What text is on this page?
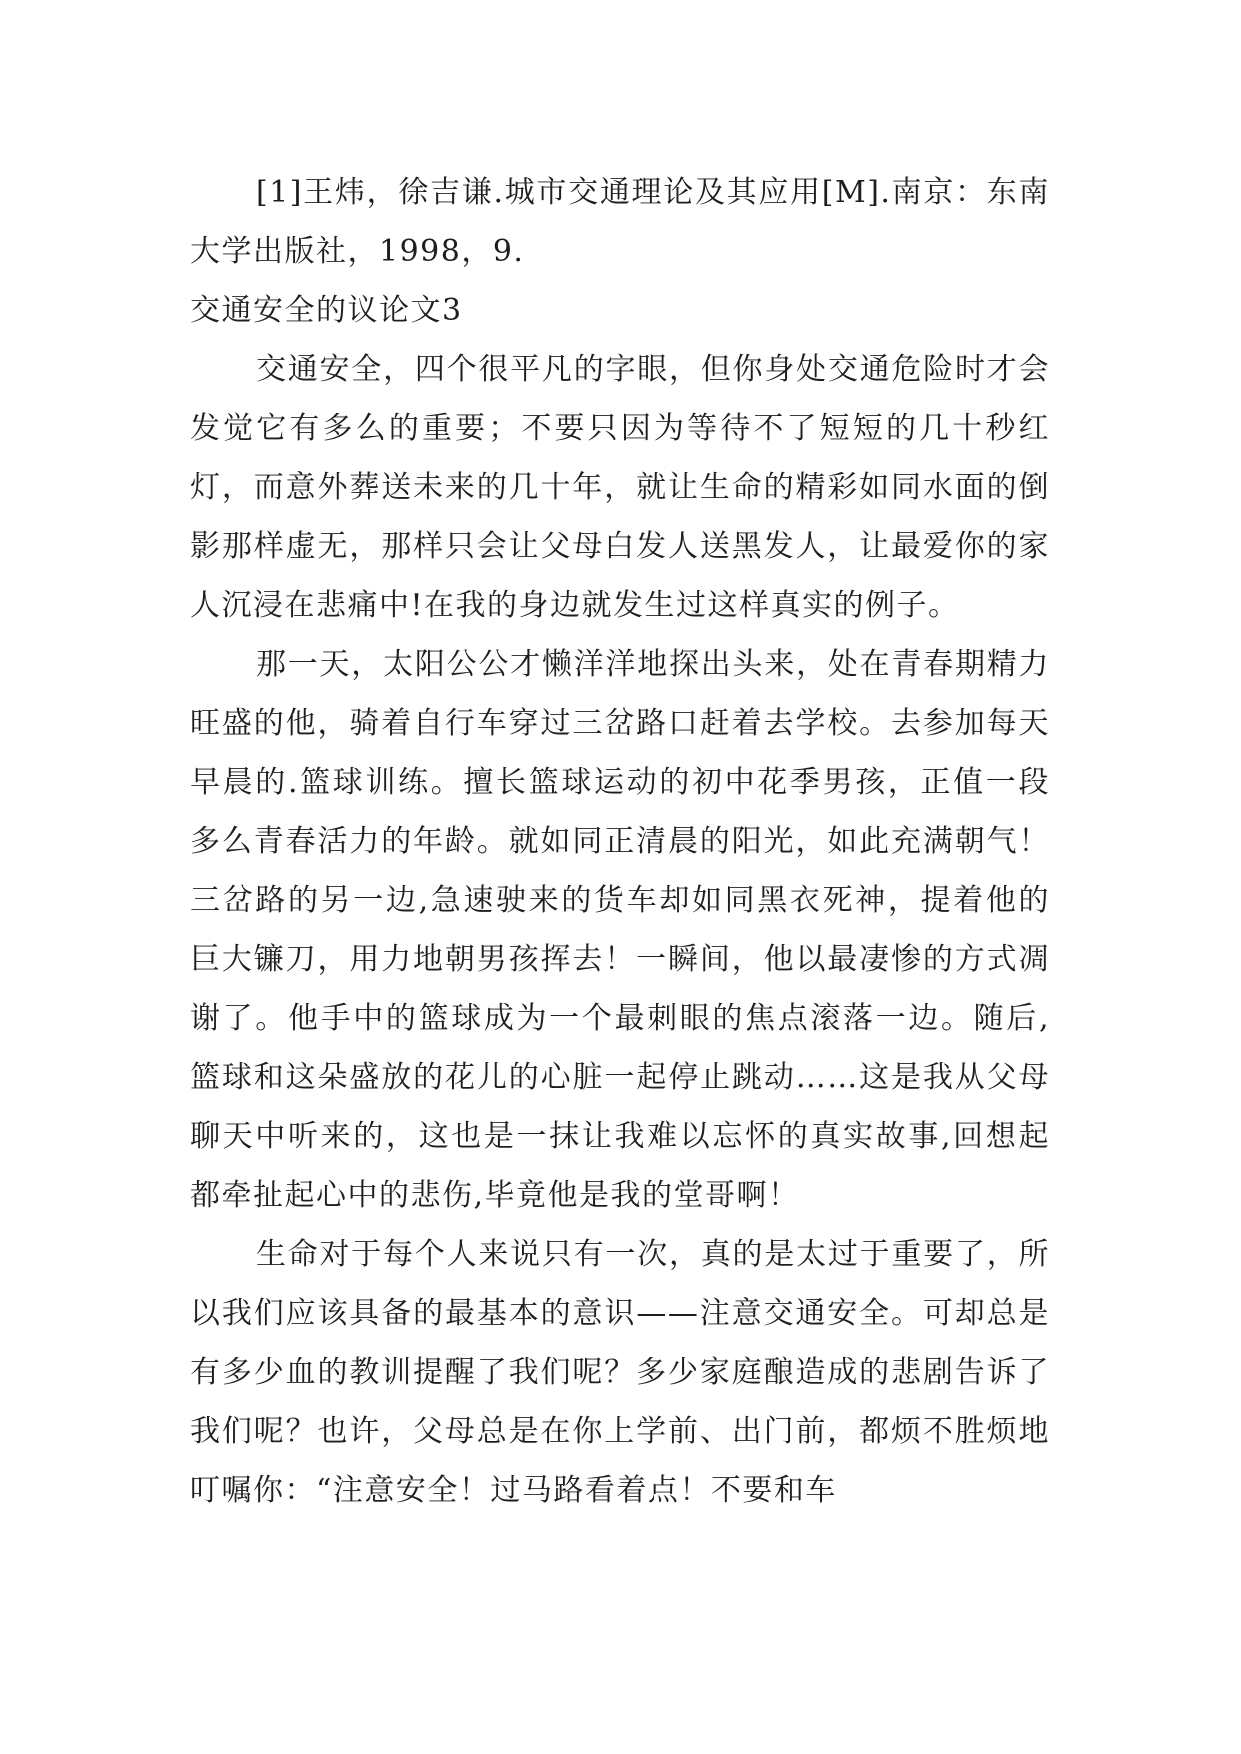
[1]王炜，徐吉谦.城市交通理论及其应用[M].南京：东南大学出版社，1998，9.

交通安全的议论文3

交通安全，四个很平凡的字眼，但你身处交通危险时才会发觉它有多么的重要；不要只因为等待不了短短的几十秒红灯，而意外葬送未来的几十年，就让生命的精彩如同水面的倒影那样虚无，那样只会让父母白发人送黑发人，让最爱你的家人沉浸在悲痛中!在我的身边就发生过这样真实的例子。

那一天，太阳公公才懒洋洋地探出头来，处在青春期精力旺盛的他，骑着自行车穿过三岔路口赶着去学校。去参加每天早晨的.篮球训练。擅长篮球运动的初中花季男孩，正值一段多么青春活力的年龄。就如同正清晨的阳光，如此充满朝气！三岔路的另一边,急速驶来的货车却如同黑衣死神，提着他的巨大镰刀，用力地朝男孩挥去！一瞬间，他以最凄惨的方式凋谢了。他手中的篮球成为一个最刺眼的焦点滚落一边。随后,篮球和这朵盛放的花儿的心脏一起停止跳动……这是我从父母聊天中听来的，这也是一抹让我难以忘怀的真实故事,回想起都牵扯起心中的悲伤,毕竟他是我的堂哥啊！

生命对于每个人来说只有一次，真的是太过于重要了，所以我们应该具备的最基本的意识——注意交通安全。可却总是有多少血的教训提醒了我们呢？多少家庭酿造成的悲剧告诉了我们呢？也许，父母总是在你上学前、出门前，都烦不胜烦地叮嘱你：“注意安全！过马路看着点！不要和车
